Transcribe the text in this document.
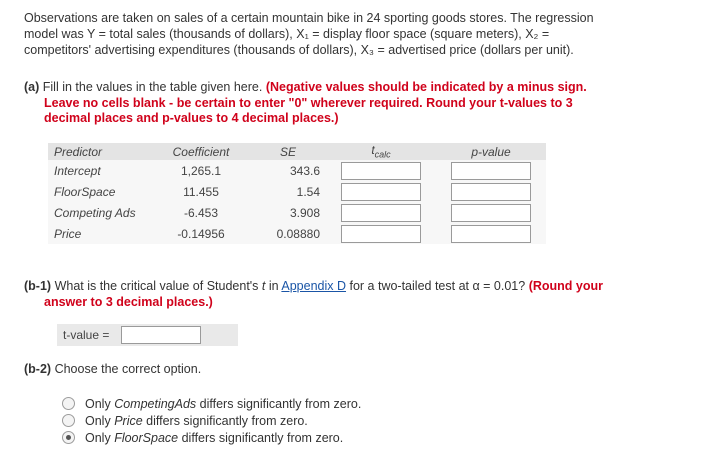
Observations are taken on sales of a certain mountain bike in 24 sporting goods stores. The regression
model was Y = total sales (thousands of dollars), X₁ = display floor space (square meters), X₂ =
competitors' advertising expenditures (thousands of dollars), X₃ = advertised price (dollars per unit).
(a) Fill in the values in the table given here. (Negative values should be indicated by a minus sign.
Leave no cells blank - be certain to enter "0" wherever required. Round your t-values to 3
decimal places and p-values to 4 decimal places.)
Predictor	Coefficient	SE	$t_{calc}$	p-value
Intercept	1,265.1	343.6	

FloorSpace	11.455	1.54	

Competing Ads	-6.453	3.908	

Price	-0.14956	0.08880	

(b-1) What is the critical value of Student's t in Appendix D for a two-tailed test at α = 0.01? (Round your
answer to 3 decimal places.)
t-value =
(b-2) Choose the correct option.
Only CompetingAds differs significantly from zero.
Only Price differs significantly from zero.
Only FloorSpace differs significantly from zero.
